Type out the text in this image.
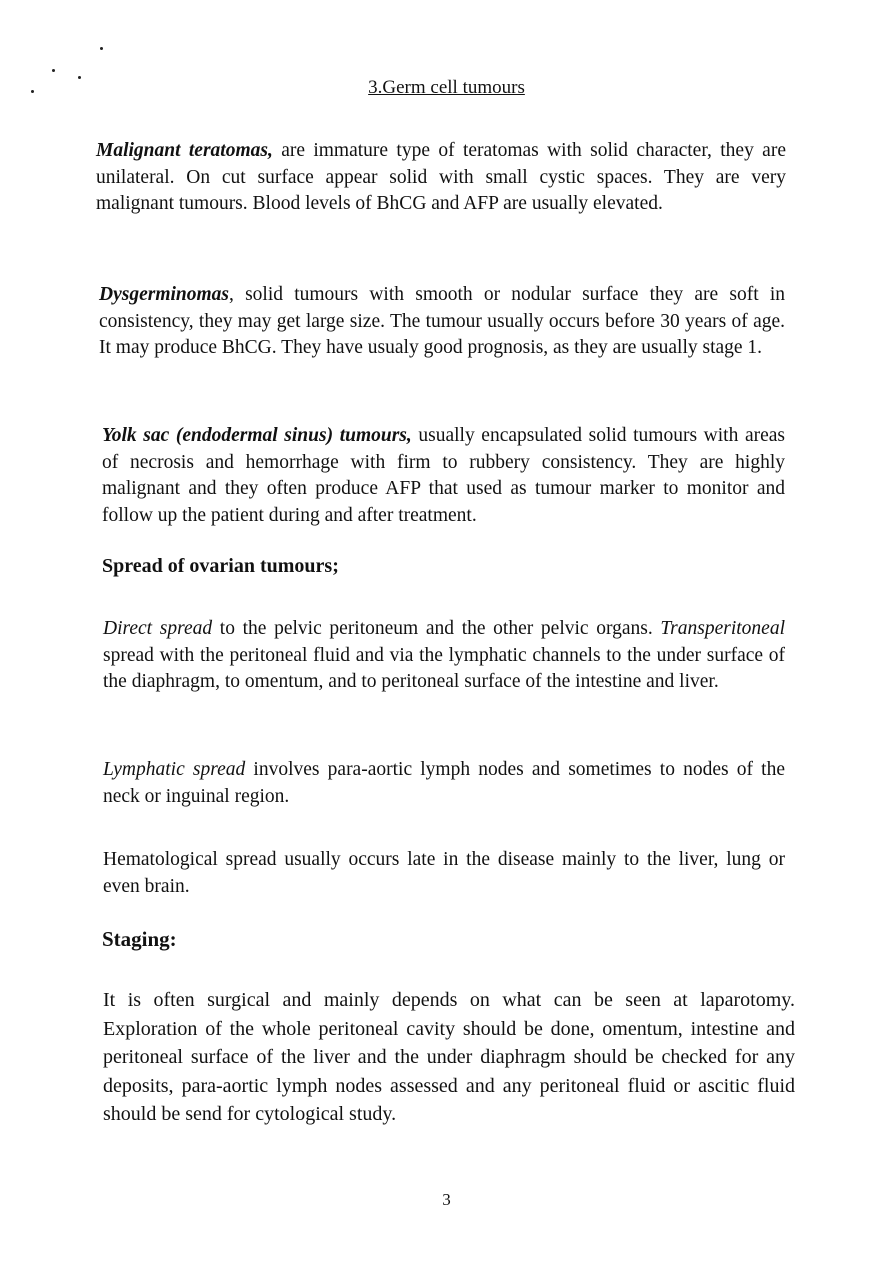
3.Germ cell tumours

Malignant teratomas, are immature type of teratomas with solid character, they are unilateral. On cut surface appear solid with small cystic spaces. They are very malignant tumours. Blood levels of BhCG and AFP are usually elevated.

Dysgerminomas, solid tumours with smooth or nodular surface they are soft in consistency, they may get large size. The tumour usually occurs before 30 years of age. It may produce BhCG. They have usualy good prognosis, as they are usually stage 1.

Yolk sac (endodermal sinus) tumours, usually encapsulated solid tumours with areas of necrosis and hemorrhage with firm to rubbery consistency. They are highly malignant and they often produce AFP that used as tumour marker to monitor and follow up the patient during and after treatment.

Spread of ovarian tumours;

Direct spread to the pelvic peritoneum and the other pelvic organs. Transperitoneal spread with the peritoneal fluid and via the lymphatic channels to the under surface of the diaphragm, to omentum, and to peritoneal surface of the intestine and liver.

Lymphatic spread involves para-aortic lymph nodes and sometimes to nodes of the neck or inguinal region.

Hematological spread usually occurs late in the disease mainly to the liver, lung or even brain.

Staging:

It is often surgical and mainly depends on what can be seen at laparotomy. Exploration of the whole peritoneal cavity should be done, omentum, intestine and peritoneal surface of the liver and the under diaphragm should be checked for any deposits, para-aortic lymph nodes assessed and any peritoneal fluid or ascitic fluid should be send for cytological study.

3
